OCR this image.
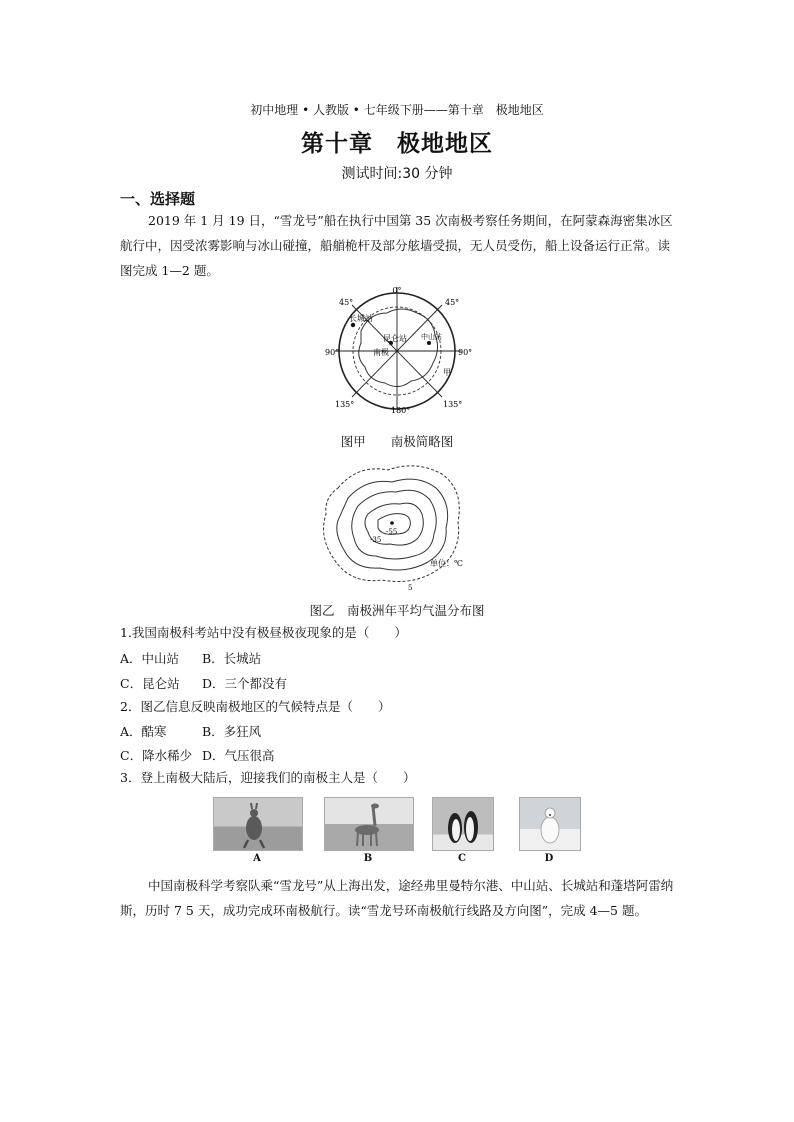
初中地理 • 人教版 • 七年级下册——第十章　极地地区
第十章　极地地区
测试时间:30 分钟
一、选择题
2019 年 1 月 19 日，“雪龙号”船在执行中国第 35 次南极考察任务期间，在阿蒙森海密集冰区航行中，因受浓雾影响与冰山碰撞，船艏桅杆及部分舷墙受损，无人员受伤，船上设备运行正常。读图完成 1—2 题。
0°
45°	45°
90°	90°
135°	135°
180°
长城站
昆仑站 中山站
南极
甲
图甲　　南极简略图
-55
-35
5
单位：℃
图乙　南极洲年平均气温分布图
1.我国南极科考站中没有极昼极夜现象的是（　　）
A．中山站 B．长城站
C．昆仑站 D．三个都没有
2．图乙信息反映南极地区的气候特点是（　　）
A．酷寒	B．多狂风
C．降水稀少 D．气压很高
3．登上南极大陆后，迎接我们的南极主人是（　　）
A	B	C	D
中国南极科学考察队乘“雪龙号”从上海出发，途经弗里曼特尔港、中山站、长城站和蓬塔阿雷纳斯，历时 7 5 天，成功完成环南极航行。读“雪龙号环南极航行线路及方向图”，完成 4—5 题。
